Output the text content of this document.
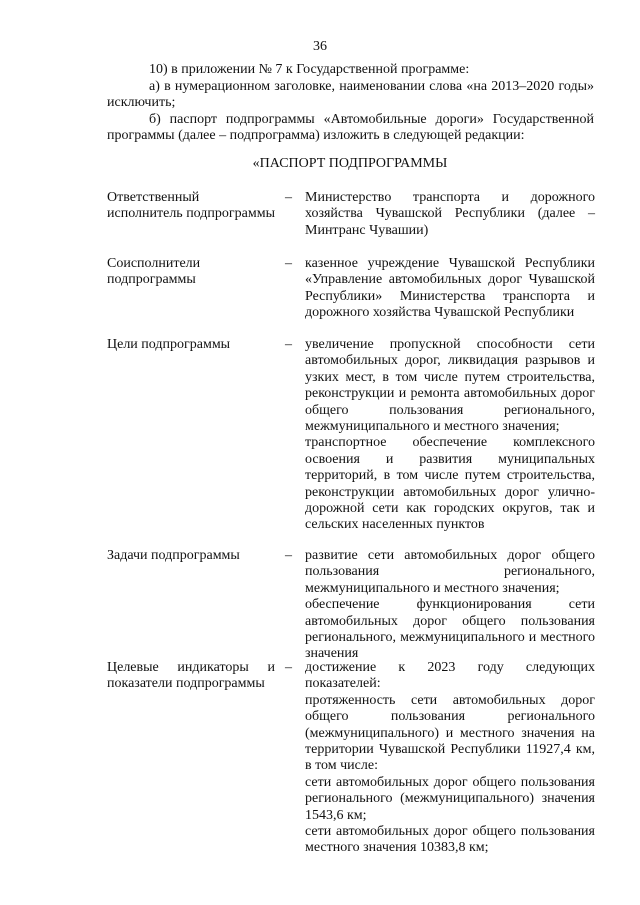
36

10) в приложении № 7 к Государственной программе:

а) в нумерационном заголовке, наименовании слова «на 2013–2020 годы» исключить;

б) паспорт подпрограммы «Автомобильные дороги» Государственной программы (далее – подпрограмма) изложить в следующей редакции:

«ПАСПОРТ ПОДПРОГРАММЫ
Ответственный исполнитель подпрограммы
– Министерство транспорта и дорожного хозяйства Чувашской Республики (далее – Минтранс Чувашии)

Соисполнители подпрограммы
– казенное учреждение Чувашской Республики «Управление автомобильных дорог Чувашской Республики» Министерства транспорта и дорожного хозяйства Чувашской Республики

Цели подпрограммы	– увеличение пропускной способности сети автомобильных дорог, ликвидация разрывов и узких мест, в том числе путем строительства, реконструкции и ремонта автомобильных дорог общего пользования регионального, межмуниципального и местного значения;

транспортное обеспечение комплексного освоения и развития муниципальных территорий, в том числе путем строительства, реконструкции автомобильных дорог улично-дорожной сети как городских округов, так и сельских населенных пунктов

Задачи подпрограммы	– развитие сети автомобильных дорог общего пользования регионального, межмуниципального и местного значения;

обеспечение функционирования сети автомобильных дорог общего пользования регионального, межмуниципального и местного значения

Целевые индикаторы и показатели подпрограммы
– достижение к 2023 году следующих показателей:

протяженность сети автомобильных дорог общего пользования регионального (межмуниципального) и местного значения на территории Чувашской Республики 11927,4 км, в том числе:

сети автомобильных дорог общего пользования регионального (межмуниципального) значения 1543,6 км;

сети автомобильных дорог общего пользования местного значения 10383,8 км;
